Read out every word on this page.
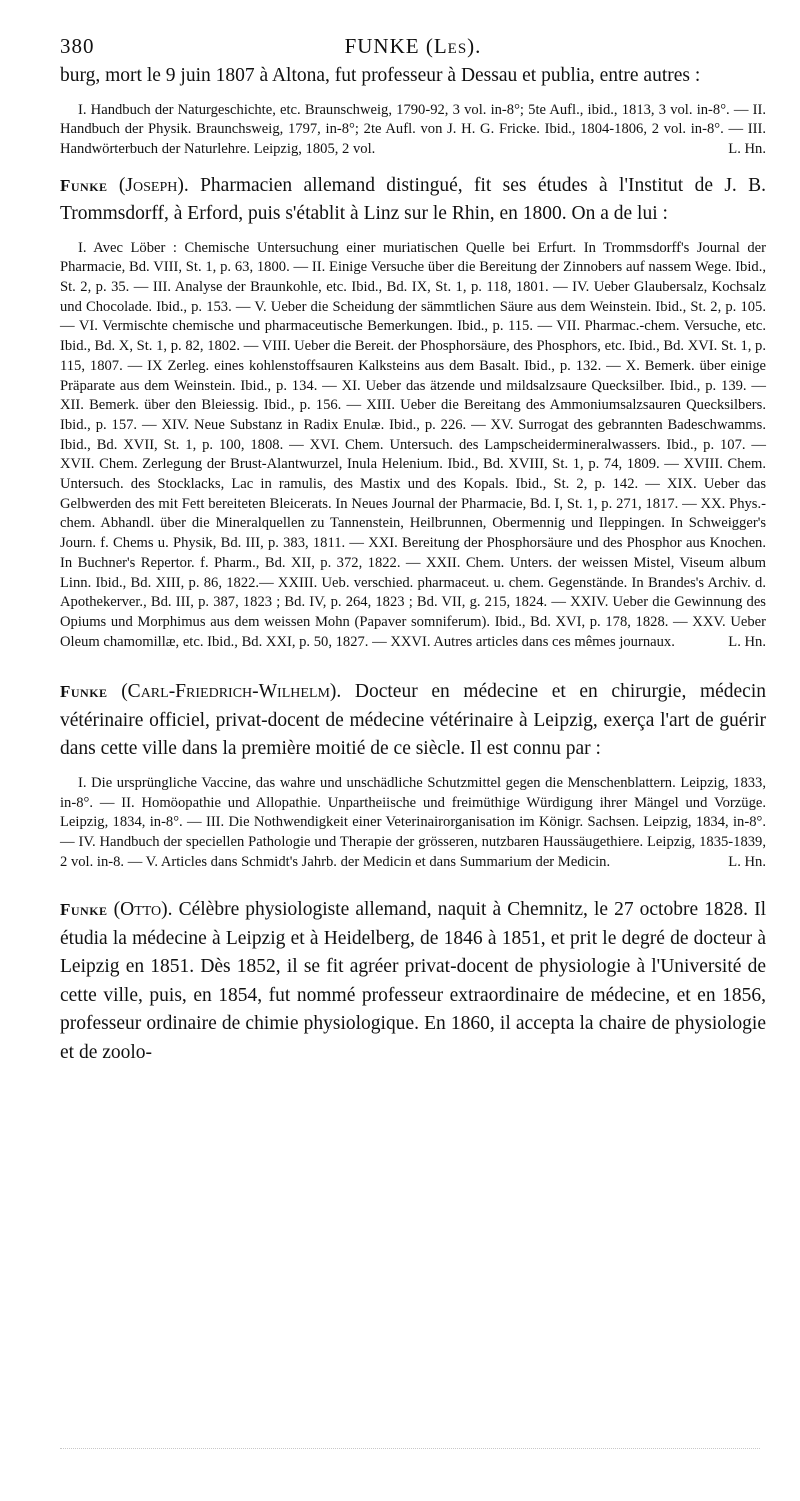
380	FUNKE (Les).

burg, mort le 9 juin 1807 à Altona, fut professeur à Dessau et publia, entre autres :

I. Handbuch der Naturgeschichte, etc. Braunschweig, 1790-92, 3 vol. in-8°; 5te Aufl., ibid., 1813, 3 vol. in-8°. — II. Handbuch der Physik. Braunchsweig, 1797, in-8°; 2te Aufl. von J. H. G. Fricke. Ibid., 1804-1806, 2 vol. in-8°. — III. Handwörterbuch der Naturlehre. Leipzig, 1805, 2 vol.	L. Hn.

Funke (Joseph). Pharmacien allemand distingué, fit ses études à l'Institut de J. B. Trommsdorff, à Erford, puis s'établit à Linz sur le Rhin, en 1800. On a de lui :

I. Avec Löber : Chemische Untersuchung einer muriatischen Quelle bei Erfurt. In Trommsdorff's Journal der Pharmacie, Bd. VIII, St. 1, p. 63, 1800. — II. Einige Versuche über die Bereitung der Zinnobers auf nassem Wege. Ibid., St. 2, p. 35. — III. Analyse der Braunkohle, etc. Ibid., Bd. IX, St. 1, p. 118, 1801. — IV. Ueber Glaubersalz, Kochsalz und Chocolade. Ibid., p. 153. — V. Ueber die Scheidung der sämmtlichen Säure aus dem Weinstein. Ibid., St. 2, p. 105. — VI. Vermischte chemische und pharmaceutische Bemerkungen. Ibid., p. 115. — VII. Pharmac.-chem. Versuche, etc. Ibid., Bd. X, St. 1, p. 82, 1802. — VIII. Ueber die Bereit. der Phosphorsäure, des Phosphors, etc. Ibid., Bd. XVI. St. 1, p. 115, 1807. — IX Zerleg. eines kohlenstoffsauren Kalksteins aus dem Basalt. Ibid., p. 132. — X. Bemerk. über einige Präparate aus dem Weinstein. Ibid., p. 134. — XI. Ueber das ätzende und mildsalzsaure Quecksilber. Ibid., p. 139. — XII. Bemerk. über den Bleiessig. Ibid., p. 156. — XIII. Ueber die Bereitang des Ammoniumsalzsauren Quecksilbers. Ibid., p. 157. — XIV. Neue Substanz in Radix Enulæ. Ibid., p. 226. — XV. Surrogat des gebrannten Badeschwamms. Ibid., Bd. XVII, St. 1, p. 100, 1808. — XVI. Chem. Untersuch. des Lampscheidermineralwassers. Ibid., p. 107. — XVII. Chem. Zerlegung der Brust-Alantwurzel, Inula Helenium. Ibid., Bd. XVIII, St. 1, p. 74, 1809. — XVIII. Chem. Untersuch. des Stocklacks, Lac in ramulis, des Mastix und des Kopals. Ibid., St. 2, p. 142. — XIX. Ueber das Gelbwerden des mit Fett bereiteten Bleicerats. In Neues Journal der Pharmacie, Bd. I, St. 1, p. 271, 1817. — XX. Phys.-chem. Abhandl. über die Mineralquellen zu Tannenstein, Heilbrunnen, Obermennig und Ileppingen. In Schweigger's Journ. f. Chems u. Physik, Bd. III, p. 383, 1811. — XXI. Bereitung der Phosphorsäure und des Phosphor aus Knochen. In Buchner's Repertor. f. Pharm., Bd. XII, p. 372, 1822. — XXII. Chem. Unters. der weissen Mistel, Viseum album Linn. Ibid., Bd. XIII, p. 86, 1822.— XXIII. Ueb. verschied. pharmaceut. u. chem. Gegenstände. In Brandes's Archiv. d. Apothekerver., Bd. III, p. 387, 1823 ; Bd. IV, p. 264, 1823 ; Bd. VII, g. 215, 1824. — XXIV. Ueber die Gewinnung des Opiums und Morphimus aus dem weissen Mohn (Papaver somniferum). Ibid., Bd. XVI, p. 178, 1828. — XXV. Ueber Oleum chamomillæ, etc. Ibid., Bd. XXI, p. 50, 1827. — XXVI. Autres articles dans ces mêmes journaux.	L. Hn.

Funke (Carl-Friedrich-Wilhelm). Docteur en médecine et en chirurgie, médecin vétérinaire officiel, privat-docent de médecine vétérinaire à Leipzig, exerça l'art de guérir dans cette ville dans la première moitié de ce siècle. Il est connu par :

I. Die ursprüngliche Vaccine, das wahre und unschädliche Schutzmittel gegen die Menschenblattern. Leipzig, 1833, in-8°. — II. Homöopathie und Allopathie. Unpartheiische und freimüthige Würdigung ihrer Mängel und Vorzüge. Leipzig, 1834, in-8°. — III. Die Nothwendigkeit einer Veterinairorganisation im Königr. Sachsen. Leipzig, 1834, in-8°. — IV. Handbuch der speciellen Pathologie und Therapie der grösseren, nutzbaren Haussäugethiere. Leipzig, 1835-1839, 2 vol. in-8. — V. Articles dans Schmidt's Jahrb. der Medicin et dans Summarium der Medicin.	L. Hn.

Funke (Otto). Célèbre physiologiste allemand, naquit à Chemnitz, le 27 octobre 1828. Il étudia la médecine à Leipzig et à Heidelberg, de 1846 à 1851, et prit le degré de docteur à Leipzig en 1851. Dès 1852, il se fit agréer privat-docent de physiologie à l'Université de cette ville, puis, en 1854, fut nommé professeur extraordinaire de médecine, et en 1856, professeur ordinaire de chimie physiologique. En 1860, il accepta la chaire de physiologie et de zoolo-
